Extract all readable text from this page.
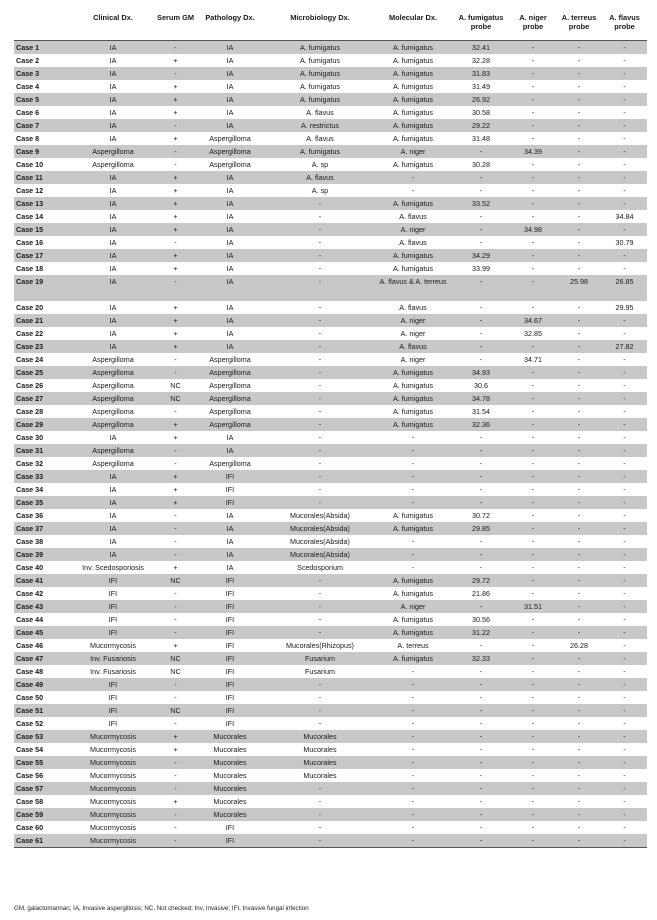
	Clinical Dx.	Serum GM	Pathology Dx.	Microbiology Dx.	Molecular Dx.	A. fumigatus probe	A. niger probe	A. terreus probe	A. flavus probe
Case 1	IA	-	IA	A. fumigatus	A. fumigatus	32.41	-	-	-
Case 2	IA	+	IA	A. fumigatus	A. fumigatus	32.28	-	-	-
Case 3	IA	-	IA	A. fumigatus	A. fumigatus	31.83	-	-	-
Case 4	IA	+	IA	A. fumigatus	A. fumigatus	31.49	-	-	-
Case 5	IA	+	IA	A. fumigatus	A. fumigatus	26.92	-	-	-
Case 6	IA	+	IA	A. flavus	A. fumigatus	30.58	-	-	-
Case 7	IA	-	IA	A. restrictus	A. fumigatus	29.22	-	-	-
Case 8	IA	+	Aspergilloma	A. flavus	A. fumigatus	31.48	-	-	-
Case 9	Aspergilloma	-	Aspergilloma	A. fumigatus	A. niger	-	34.39	-	-
Case 10	Aspergilloma	-	Aspergilloma	A. sp	A. fumigatus	30.28	-	-	-
Case 11	IA	+	IA	A. flavus	-	-	-	-	-
Case 12	IA	+	IA	A. sp	-	-	-	-	-
Case 13	IA	+	IA	-	A. fumigatus	33.52	-	-	-
Case 14	IA	+	IA	-	A. flavus	-	-	-	34.84
Case 15	IA	+	IA	-	A. niger	-	34.98	-	-
Case 16	IA	-	IA	-	A. flavus	-	-	-	30.79
Case 17	IA	+	IA	-	A. fumigatus	34.29	-	-	-
Case 18	IA	+	IA	-	A. fumigatus	33.99	-	-	-
Case 19	IA	-	IA	-	A. flavus & A. terreus	-	-	25.98	26.85
Case 20	IA	+	IA	-	A. flavus	-	-	-	29.95
Case 21	IA	+	IA	-	A. niger	-	34.67	-	-
Case 22	IA	+	IA	-	A. niger	-	32.85	-	-
Case 23	IA	+	IA	-	A. flavus	-	-	-	27.82
Case 24	Aspergilloma	-	Aspergilloma	-	A. niger	-	34.71	-	-
Case 25	Aspergilloma	-	Aspergilloma	-	A. fumigatus	34.93	-	-	-
Case 26	Aspergilloma	NC	Aspergilloma	-	A. fumigatus	30.6	-	-	-
Case 27	Aspergilloma	NC	Aspergilloma	-	A. fumigatus	34.78	-	-	-
Case 28	Aspergilloma	-	Aspergilloma	-	A. fumigatus	31.54	-	-	-
Case 29	Aspergilloma	+	Aspergilloma	-	A. fumigatus	32.36	-	-	-
Case 30	IA	+	IA	-	-	-	-	-	-
Case 31	Aspergilloma	-	IA	-	-	-	-	-	-
Case 32	Aspergilloma	-	Aspergilloma	-	-	-	-	-	-
Case 33	IA	+	IFI	-	-	-	-	-	-
Case 34	IA	+	IFI	-	-	-	-	-	-
Case 35	IA	+	IFI	-	-	-	-	-	-
Case 36	IA	-	IA	Mucorales(Absida)	A. fumigatus	30.72	-	-	-
Case 37	IA	-	IA	Mucorales(Absida)	A. fumigatus	29.85	-	-	-
Case 38	IA	-	IA	Mucorales(Absida)	-	-	-	-	-
Case 39	IA	-	IA	Mucorales(Absida)	-	-	-	-	-
Case 40	Inv. Scedosporiosis	+	IA	Scedosporium	-	-	-	-	-
Case 41	IFI	NC	IFI	-	A. fumigatus	29.72	-	-	-
Case 42	IFI	-	IFI	-	A. fumigatus	21.86	-	-	-
Case 43	IFI	-	IFI	-	A. niger	-	31.51	-	-
Case 44	IFI	-	IFI	-	A. fumigatus	30.56	-	-	-
Case 45	IFI	-	IFI	-	A. fumigatus	31.22	-	-	-
Case 46	Mucormycosis	+	IFI	Mucorales(Rhizopus)	A. terreus	-	-	26.28	-
Case 47	Inv. Fusariosis	NC	IFI	Fusarium	A. fumigatus	32.33	-	-	-
Case 48	Inv. Fusariosis	NC	IFI	Fusarium	-	-	-	-	-
Case 49	IFI	-	IFI	-	-	-	-	-	-
Case 50	IFI	-	IFI	-	-	-	-	-	-
Case 51	IFI	NC	IFI	-	-	-	-	-	-
Case 52	IFI	-	IFI	-	-	-	-	-	-
Case 53	Mucormycosis	+	Mucorales	Mucorales	-	-	-	-	-
Case 54	Mucormycosis	+	Mucorales	Mucorales	-	-	-	-	-
Case 55	Mucormycosis	-	Mucorales	Mucorales	-	-	-	-	-
Case 56	Mucormycosis	-	Mucorales	Mucorales	-	-	-	-	-
Case 57	Mucormycosis	-	Mucorales	-	-	-	-	-	-
Case 58	Mucormycosis	+	Mucorales	-	-	-	-	-	-
Case 59	Mucormycosis	-	Mucorales	-	-	-	-	-	-
Case 60	Mucormycosis	-	IFI	-	-	-	-	-	-
Case 61	Mucormycosis	-	IFI	-	-	-	-	-	-
GM, galactomannan; IA, Invasive aspergillosis; NC, Not checked; Inv, Invasive; IFI, Invasive fungal infection
